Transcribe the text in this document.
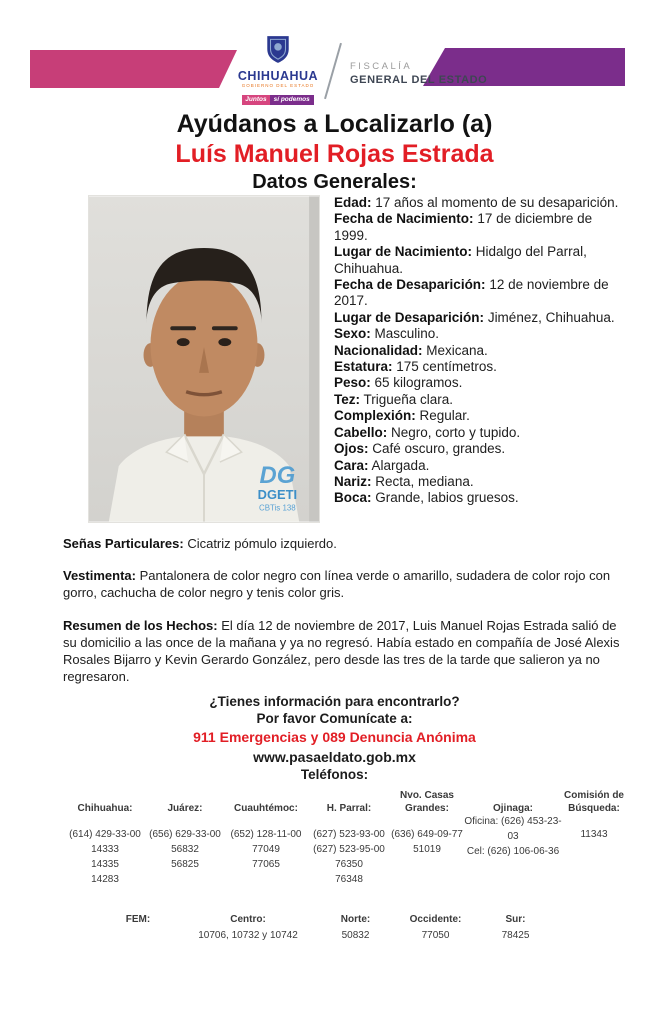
CHIHUAHUA
GOBIERNO DEL ESTADO
Juntos	sí podemos
FISCALÍA
GENERAL DEL ESTADO
Ayúdanos a Localizarlo (a)
Luís Manuel Rojas Estrada
Datos Generales:
DG
DGETI
CBTis 138
Edad: 17 años al momento de su desaparición.
Fecha de Nacimiento: 17 de diciembre de 1999.
Lugar de Nacimiento: Hidalgo del Parral, Chihuahua.
Fecha de Desaparición: 12 de noviembre de 2017.
Lugar de Desaparición: Jiménez, Chihuahua.
Sexo: Masculino.
Nacionalidad: Mexicana.
Estatura: 175 centímetros.
Peso: 65 kilogramos.
Tez: Trigueña clara.
Complexión: Regular.
Cabello: Negro, corto y tupido.
Ojos: Café oscuro, grandes.
Cara: Alargada.
Nariz: Recta, mediana.
Boca: Grande, labios gruesos.
Señas Particulares: Cicatriz pómulo izquierdo.
Vestimenta: Pantalonera de color negro con línea verde o amarillo, sudadera de color rojo con gorro, cachucha de color negro y tenis color gris.
Resumen de los Hechos: El día 12 de noviembre de 2017, Luis Manuel Rojas Estrada salió de su domicilio a las once de la mañana y ya no regresó. Había estado en compañía de José Alexis Rosales Bijarro y Kevin Gerardo González, pero desde las tres de la tarde que salieron ya no regresaron.
¿Tienes información para encontrarlo?
Por favor Comunícate a:
911 Emergencias y 089 Denuncia Anónima
www.pasaeldato.gob.mx
Teléfonos:
Chihuahua:
(614) 429-33-00
14333
14335
14283
Juárez:
(656) 629-33-00
56832
56825
Cuauhtémoc:
(652) 128-11-00
77049
77065
H. Parral:
(627) 523-93-00
(627) 523-95-00
76350
76348
Nvo. Casas Grandes:
(636) 649-09-77
51019
Ojinaga:
Oficina: (626) 453-23-03
Cel: (626) 106-06-36
Comisión de Búsqueda:
11343
FEM:	Centro:
10706, 10732 y 10742
Norte:
50832
Occidente:
77050
Sur:
78425
